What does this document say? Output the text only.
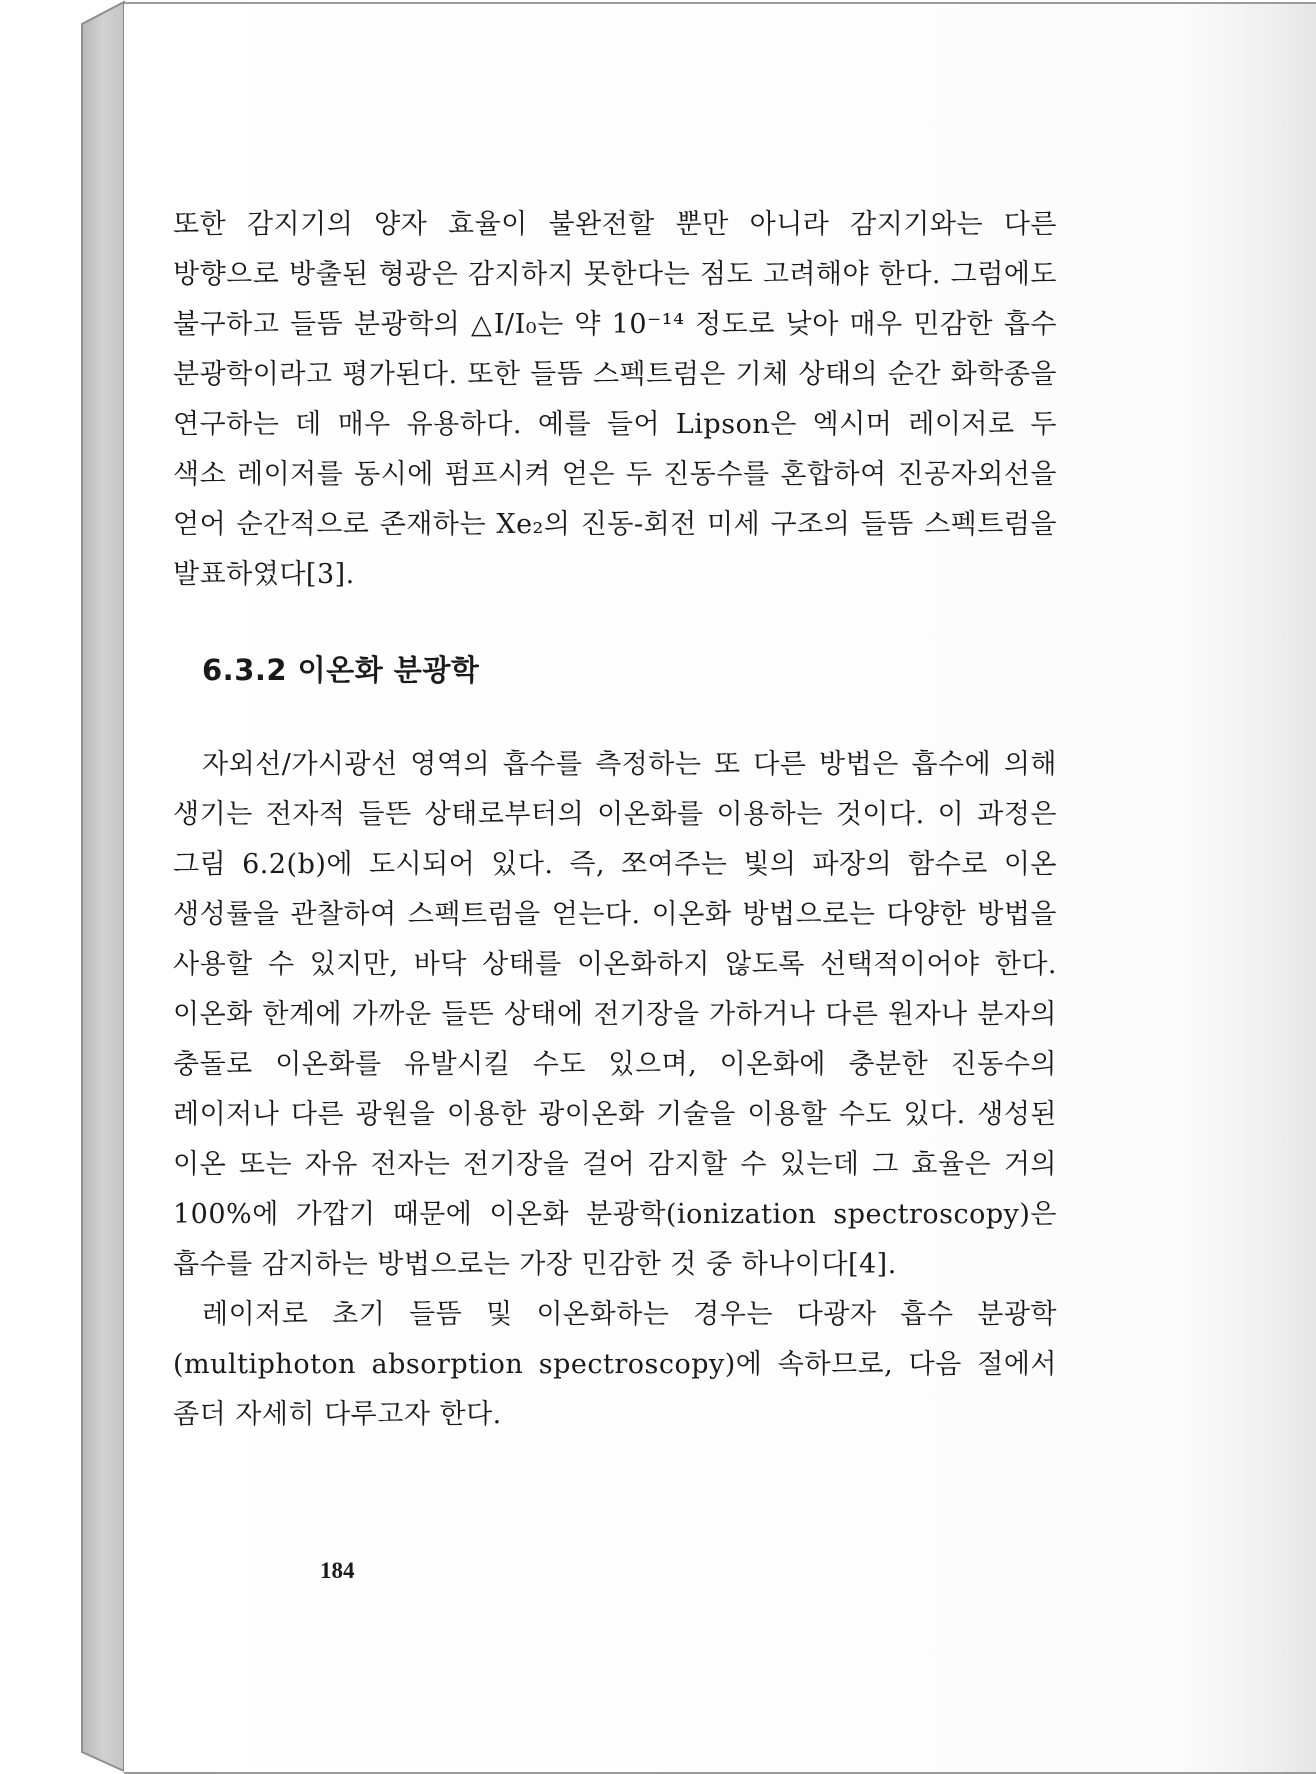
또한 감지기의 양자 효율이 불완전할 뿐만 아니라 감지기와는 다른 방향으로 방출된 형광은 감지하지 못한다는 점도 고려해야 한다. 그럼에도 불구하고 들뜸 분광학의 △I/I₀는 약 10⁻¹⁴ 정도로 낮아 매우 민감한 흡수 분광학이라고 평가된다. 또한 들뜸 스펙트럼은 기체 상태의 순간 화학종을 연구하는 데 매우 유용하다. 예를 들어 Lipson은 엑시머 레이저로 두 색소 레이저를 동시에 펌프시켜 얻은 두 진동수를 혼합하여 진공자외선을 얻어 순간적으로 존재하는 Xe₂의 진동-회전 미세 구조의 들뜸 스펙트럼을 발표하였다[3].

6.3.2 이온화 분광학

자외선/가시광선 영역의 흡수를 측정하는 또 다른 방법은 흡수에 의해 생기는 전자적 들뜬 상태로부터의 이온화를 이용하는 것이다. 이 과정은 그림 6.2(b)에 도시되어 있다. 즉, 쪼여주는 빛의 파장의 함수로 이온 생성률을 관찰하여 스펙트럼을 얻는다. 이온화 방법으로는 다양한 방법을 사용할 수 있지만, 바닥 상태를 이온화하지 않도록 선택적이어야 한다. 이온화 한계에 가까운 들뜬 상태에 전기장을 가하거나 다른 원자나 분자의 충돌로 이온화를 유발시킬 수도 있으며, 이온화에 충분한 진동수의 레이저나 다른 광원을 이용한 광이온화 기술을 이용할 수도 있다. 생성된 이온 또는 자유 전자는 전기장을 걸어 감지할 수 있는데 그 효율은 거의 100%에 가깝기 때문에 이온화 분광학(ionization spectroscopy)은 흡수를 감지하는 방법으로는 가장 민감한 것 중 하나이다[4].

레이저로 초기 들뜸 및 이온화하는 경우는 다광자 흡수 분광학(multiphoton absorption spectroscopy)에 속하므로, 다음 절에서 좀더 자세히 다루고자 한다.

184
